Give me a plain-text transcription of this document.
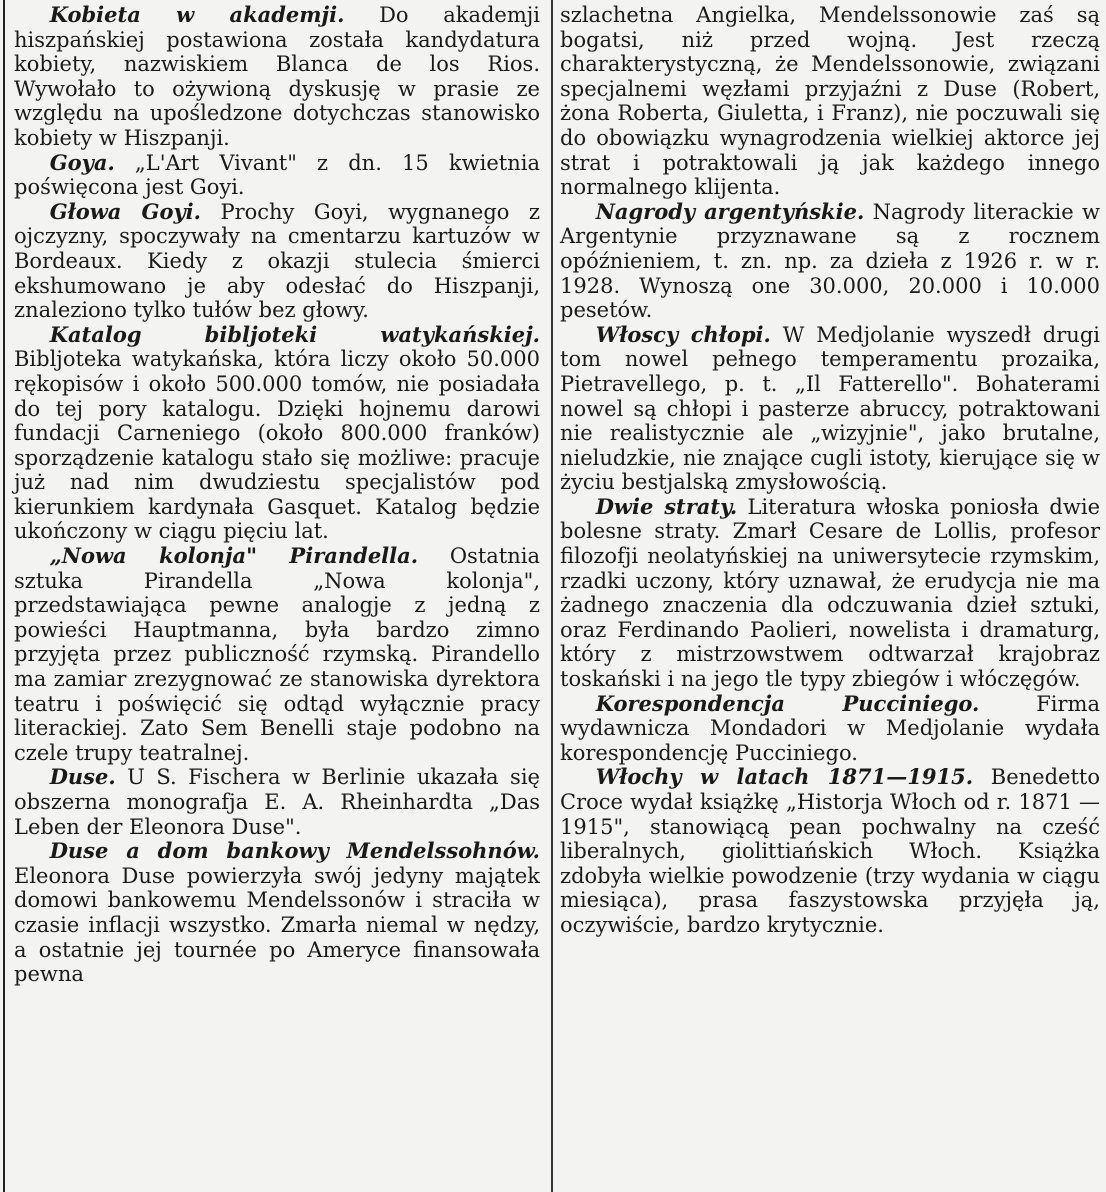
Kobieta w akademji. Do akademji hiszpańskiej postawiona została kandydatura kobiety, nazwiskiem Blanca de los Rios. Wywołało to ożywioną dyskusję w prasie ze względu na upośledzone dotychczas stanowisko kobiety w Hiszpanji.

Goya. „L'Art Vivant" z dn. 15 kwietnia poświęcona jest Goyi.

Głowa Goyi. Prochy Goyi, wygnanego z ojczyzny, spoczywały na cmentarzu kartuzów w Bordeaux. Kiedy z okazji stulecia śmierci ekshumowano je aby odesłać do Hiszpanji, znaleziono tylko tułów bez głowy.

Katalog bibljoteki watykańskiej. Bibljoteka watykańska, która liczy około 50.000 rękopisów i około 500.000 tomów, nie posiadała do tej pory katalogu. Dzięki hojnemu darowi fundacji Carneniego (około 800.000 franków) sporządzenie katalogu stało się możliwe: pracuje już nad nim dwudziestu specjalistów pod kierunkiem kardynała Gasquet. Katalog będzie ukończony w ciągu pięciu lat.

„Nowa kolonja" Pirandella. Ostatnia sztuka Pirandella „Nowa kolonja", przedstawiająca pewne analogje z jedną z powieści Hauptmanna, była bardzo zimno przyjęta przez publiczność rzymską. Pirandello ma zamiar zrezygnować ze stanowiska dyrektora teatru i poświęcić się odtąd wyłącznie pracy literackiej. Zato Sem Benelli staje podobno na czele trupy teatralnej.

Duse. U S. Fischera w Berlinie ukazała się obszerna monografja E. A. Rheinhardta „Das Leben der Eleonora Duse".

Duse a dom bankowy Mendelssohnów. Eleonora Duse powierzyła swój jedyny majątek domowi bankowemu Mendelssonów i straciła w czasie inflacji wszystko. Zmarła niemal w nędzy, a ostatnie jej tournée po Ameryce finansowała pewna

szlachetna Angielka, Mendelssonowie zaś są bogatsi, niż przed wojną. Jest rzeczą charakterystyczną, że Mendelssonowie, związani specjalnemi węzłami przyjaźni z Duse (Robert, żona Roberta, Giuletta, i Franz), nie poczuwali się do obowiązku wynagrodzenia wielkiej aktorce jej strat i potraktowali ją jak każdego innego normalnego klijenta.

Nagrody argentyńskie. Nagrody literackie w Argentynie przyznawane są z rocznem opóźnieniem, t. zn. np. za dzieła z 1926 r. w r. 1928. Wynoszą one 30.000, 20.000 i 10.000 pesetów.

Włoscy chłopi. W Medjolanie wyszedł drugi tom nowel pełnego temperamentu prozaika, Pietravellego, p. t. „Il Fatterello". Bohaterami nowel są chłopi i pasterze abruccy, potraktowani nie realistycznie ale „wizyjnie", jako brutalne, nieludzkie, nie znające cugli istoty, kierujące się w życiu bestjalską zmysłowością.

Dwie straty. Literatura włoska poniosła dwie bolesne straty. Zmarł Cesare de Lollis, profesor filozofji neolatyńskiej na uniwersytecie rzymskim, rzadki uczony, który uznawał, że erudycja nie ma żadnego znaczenia dla odczuwania dzieł sztuki, oraz Ferdinando Paolieri, nowelista i dramaturg, który z mistrzowstwem odtwarzał krajobraz toskański i na jego tle typy zbiegów i włóczęgów.

Korespondencja Pucciniego.	Firma wydawnicza Mondadori w Medjolanie wydała korespondencję Pucciniego.

Włochy w latach 1871—1915. Benedetto Croce wydał książkę „Historja Włoch od r. 1871 — 1915", stanowiącą pean pochwalny na cześć liberalnych, giolittiańskich Włoch. Książka zdobyła wielkie powodzenie (trzy wydania w ciągu miesiąca), prasa faszystowska przyjęła ją, oczywiście, bardzo krytycznie.
